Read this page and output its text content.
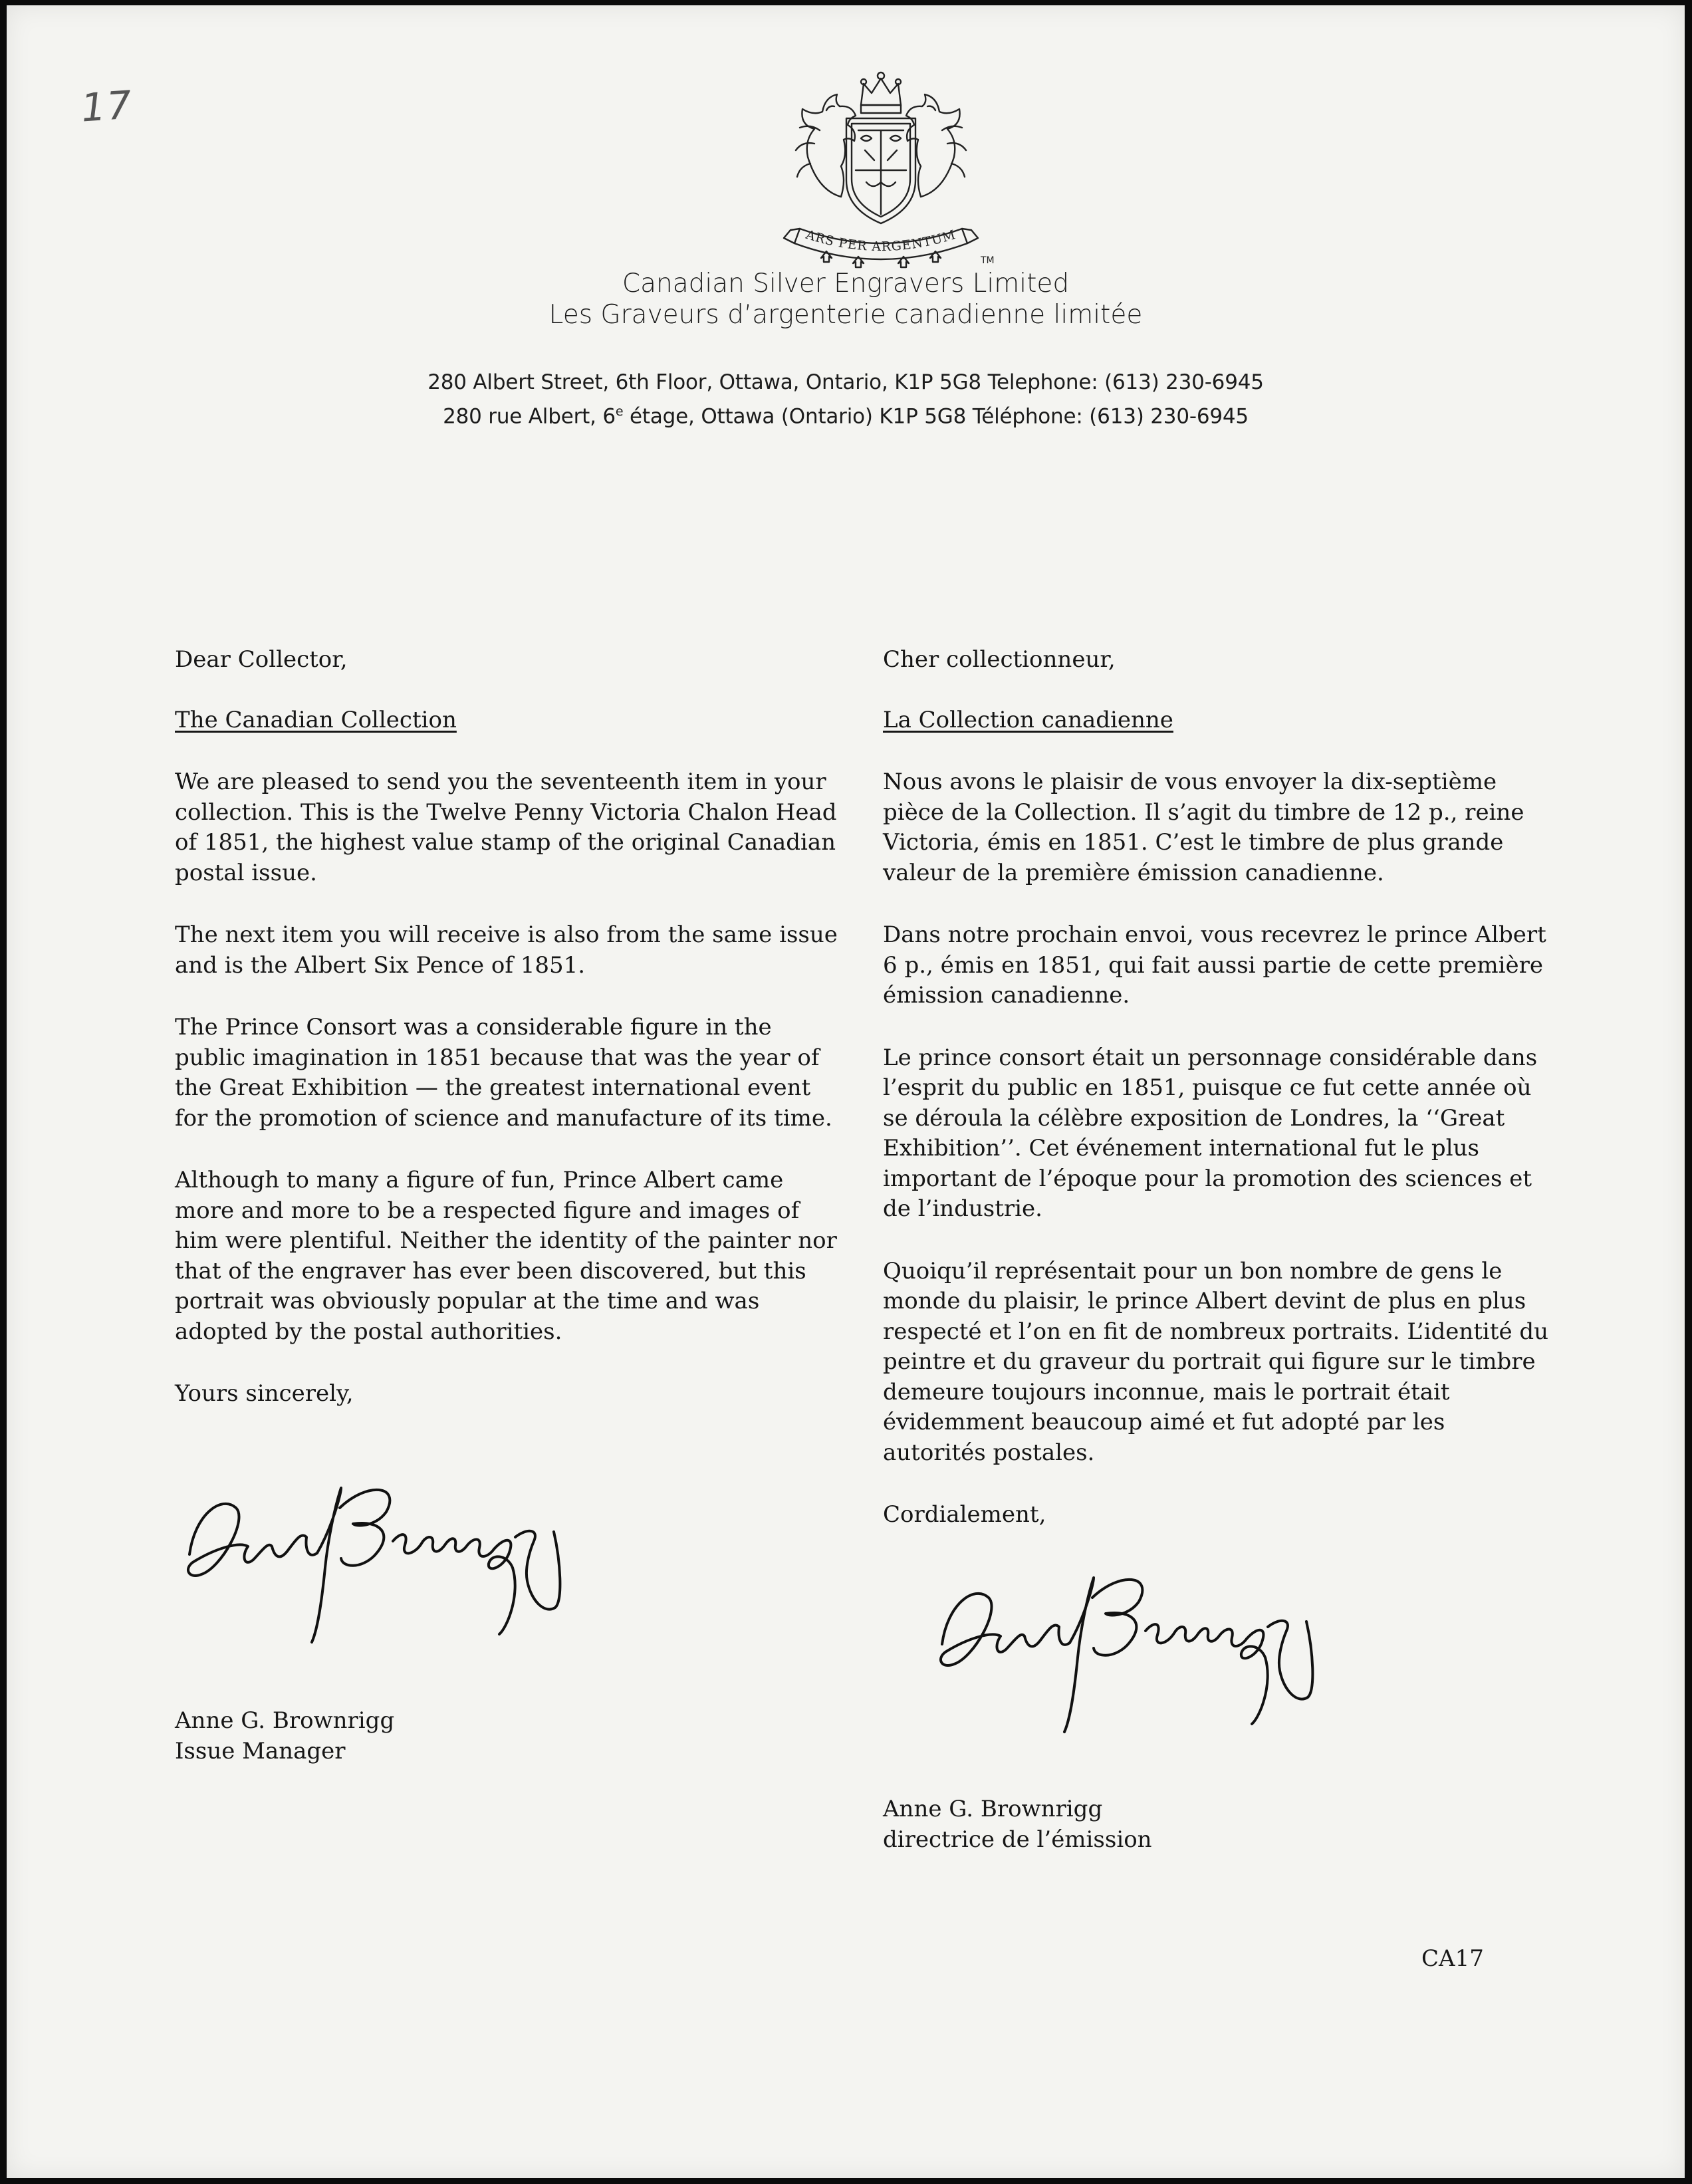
17
ARS PER ARGENTUM
TM
Canadian Silver Engravers Limited
Les Graveurs d’argenterie canadienne limitée
280 Albert Street, 6th Floor, Ottawa, Ontario, K1P 5G8 Telephone: (613) 230-6945
280 rue Albert, 6e étage, Ottawa (Ontario) K1P 5G8 Téléphone: (613) 230-6945

Dear Collector,

The Canadian Collection

We are pleased to send you the seventeenth item in your collection. This is the Twelve Penny Victoria Chalon Head of 1851, the highest value stamp of the original Canadian postal issue.

The next item you will receive is also from the same issue and is the Albert Six Pence of 1851.

The Prince Consort was a considerable figure in the public imagination in 1851 because that was the year of the Great Exhibition — the greatest international event for the promotion of science and manufacture of its time.

Although to many a figure of fun, Prince Albert came more and more to be a respected figure and images of him were plentiful. Neither the identity of the painter nor that of the engraver has ever been discovered, but this portrait was obviously popular at the time and was adopted by the postal authorities.

Yours sincerely,

Anne G. Brownrigg
Issue Manager

Cher collectionneur,

La Collection canadienne

Nous avons le plaisir de vous envoyer la dix-septième pièce de la Collection. Il s’agit du timbre de 12 p., reine Victoria, émis en 1851. C’est le timbre de plus grande valeur de la première émission canadienne.

Dans notre prochain envoi, vous recevrez le prince Albert 6 p., émis en 1851, qui fait aussi partie de cette première émission canadienne.

Le prince consort était un personnage considérable dans l’esprit du public en 1851, puisque ce fut cette année où se déroula la célèbre exposition de Londres, la ‘‘Great Exhibition’’. Cet événement international fut le plus important de l’époque pour la promotion des sciences et de l’industrie.

Quoiqu’il représentait pour un bon nombre de gens le monde du plaisir, le prince Albert devint de plus en plus respecté et l’on en fit de nombreux portraits. L’identité du peintre et du graveur du portrait qui figure sur le timbre demeure toujours inconnue, mais le portrait était évidemment beaucoup aimé et fut adopté par les autorités postales.

Cordialement,

Anne G. Brownrigg
directrice de l’émission
CA17
